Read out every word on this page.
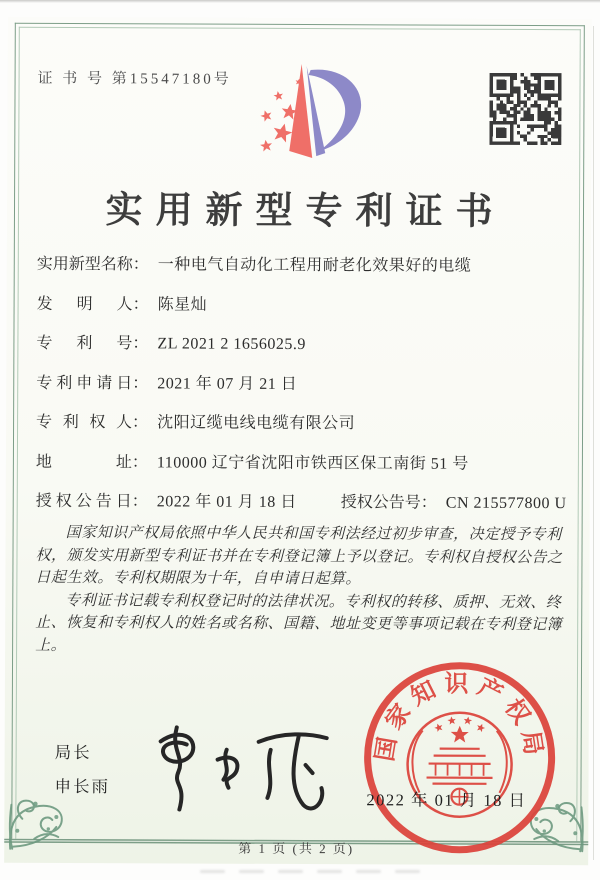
证 书 号 第15547180号
实用新型专利证书
实用新型名称： 一种电气自动化工程用耐老化效果好的电缆
发明人： 陈星灿
专利号： ZL 2021 2 1656025.9
专利申请日： 2021 年 07 月 21 日
专利权人： 沈阳辽缆电线电缆有限公司
地址： 110000 辽宁省沈阳市铁西区保工南街 51 号
授权公告日： 2022 年 01 月 18 日	授权公告号： CN 215577800 U

国家知识产权局依照中华人民共和国专利法经过初步审查，决定授予专利权，颁发实用新型专利证书并在专利登记簿上予以登记。专利权自授权公告之日起生效。专利权期限为十年，自申请日起算。

专利证书记载专利权登记时的法律状况。专利权的转移、质押、无效、终止、恢复和专利权人的姓名或名称、国籍、地址变更等事项记载在专利登记簿上。

局长
申长雨
国家知识产权局
2022 年 01 月 18 日
第 1 页 (共 2 页)
